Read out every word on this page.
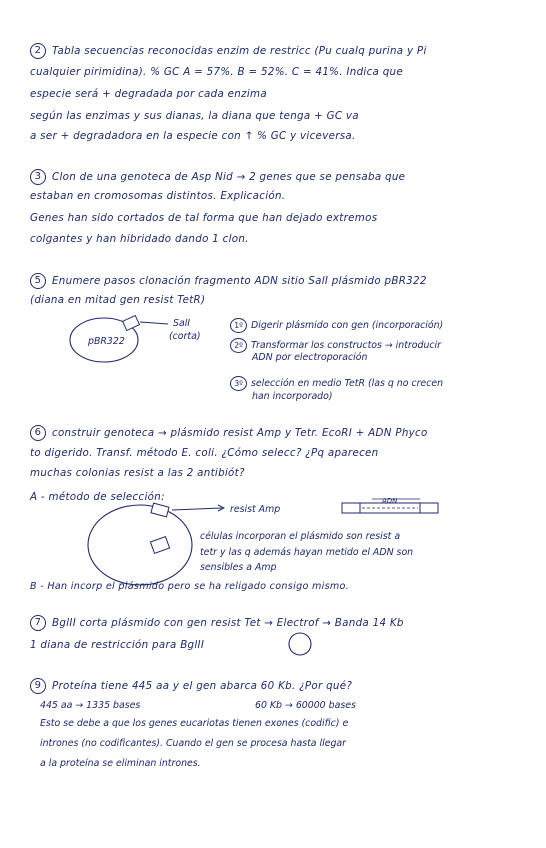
2 Tabla secuencias reconocidas enzim de restricc (Pu cualq purina y Pi
cualquier pirimidina). % GC A = 57%. B = 52%. C = 41%. Indica que
especie será + degradada por cada enzima
según las enzimas y sus dianas, la diana que tenga + GC va
a ser + degradadora en la especie con ↑ % GC y viceversa.
3 Clon de una genoteca de Asp Nid → 2 genes que se pensaba que
estaban en cromosomas distintos. Explicación.
Genes han sido cortados de tal forma que han dejado extremos
colgantes y han hibridado dando 1 clon.
5 Enumere pasos clonación fragmento ADN sitio SalI plásmido pBR322
(diana en mitad gen resist TetR)
pBR322
SalI
(corta)
1º Digerir plásmido con gen (incorporación)
2º Transformar los constructos → introducir
ADN por electroporación
3º selección en medio TetR (las q no crecen
han incorporado)
6 construir genoteca → plásmido resist Amp y Tetr. EcoRI + ADN Phyco
to digerido. Transf. método E. coli. ¿Cómo selecc? ¿Pq aparecen
muchas colonias resist a las 2 antibiót?
A - método de selección:
resist Amp
ADN
células incorporan el plásmido son resist a
tetr y las q además hayan metido el ADN son
sensibles a Amp
B - Han incorp el plásmido pero se ha religado consigo mismo.
7 BglII corta plásmido con gen resist Tet → Electrof → Banda 14 Kb
1 diana de restricción para BglII
9 Proteína tiene 445 aa y el gen abarca 60 Kb. ¿Por qué?
445 aa → 1335 bases	60 Kb → 60000 bases
Esto se debe a que los genes eucariotas tienen exones (codific) e
intrones (no codificantes). Cuando el gen se procesa hasta llegar
a la proteína se eliminan intrones.
